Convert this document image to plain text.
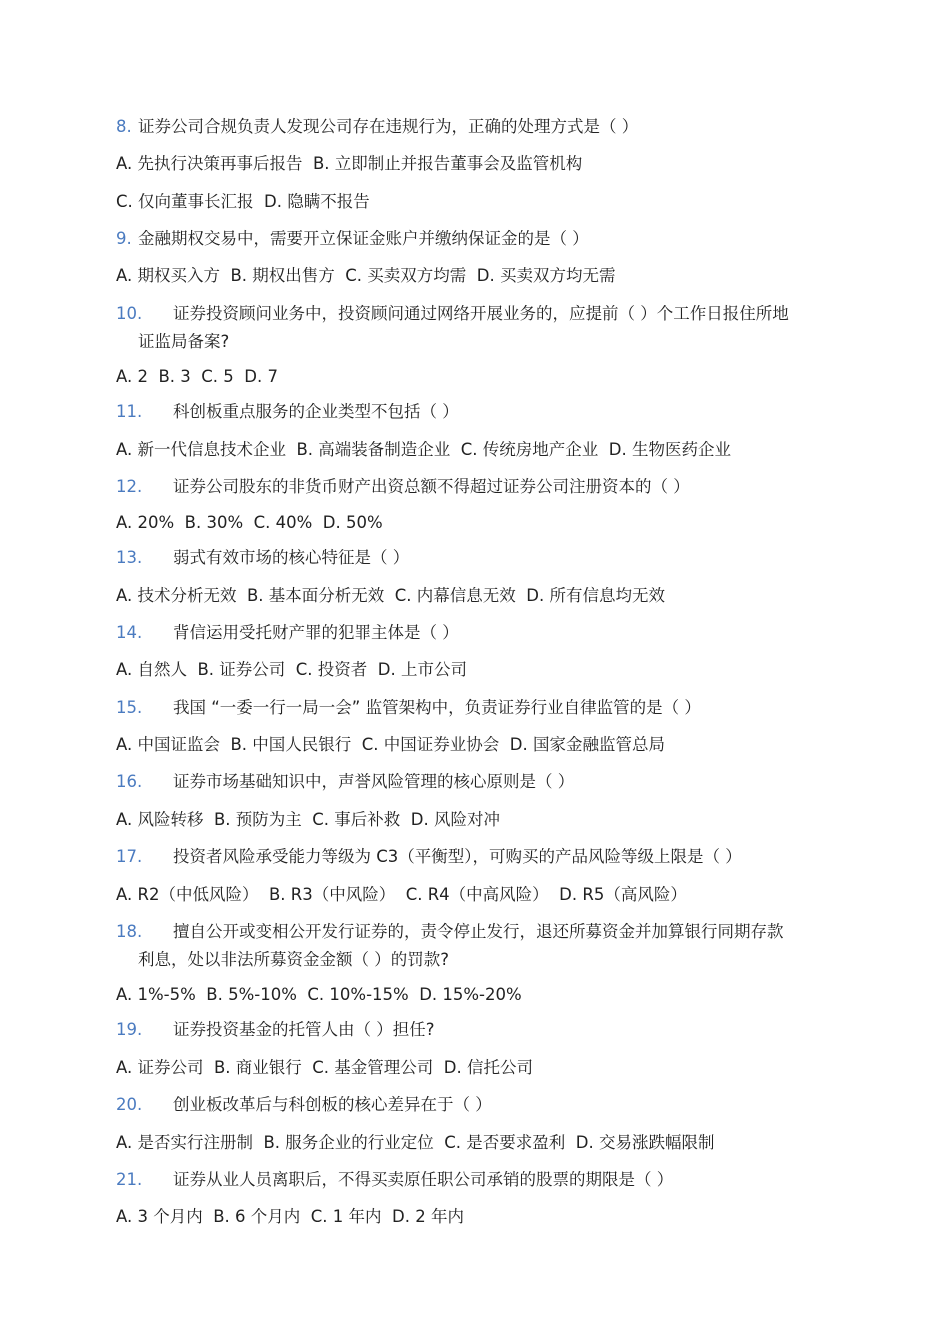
8. 证券公司合规负责人发现公司存在违规行为，正确的处理方式是（ ）
A. 先执行决策再事后报告  B. 立即制止并报告董事会及监管机构
C. 仅向董事长汇报  D. 隐瞒不报告
9. 金融期权交易中，需要开立保证金账户并缴纳保证金的是（ ）
A. 期权买入方  B. 期权出售方  C. 买卖双方均需  D. 买卖双方均无需
10. 证券投资顾问业务中，投资顾问通过网络开展业务的，应提前（ ）个工作日报住所地
证监局备案?
A. 2  B. 3  C. 5  D. 7
11. 科创板重点服务的企业类型不包括（ ）
A. 新一代信息技术企业  B. 高端装备制造企业  C. 传统房地产企业  D. 生物医药企业
12. 证券公司股东的非货币财产出资总额不得超过证券公司注册资本的（ ）
A. 20%  B. 30%  C. 40%  D. 50%
13. 弱式有效市场的核心特征是（ ）
A. 技术分析无效  B. 基本面分析无效  C. 内幕信息无效  D. 所有信息均无效
14. 背信运用受托财产罪的犯罪主体是（ ）
A. 自然人  B. 证券公司  C. 投资者  D. 上市公司
15. 我国 “一委一行一局一会” 监管架构中，负责证券行业自律监管的是（ ）
A. 中国证监会  B. 中国人民银行  C. 中国证券业协会  D. 国家金融监管总局
16. 证券市场基础知识中，声誉风险管理的核心原则是（ ）
A. 风险转移  B. 预防为主  C. 事后补救  D. 风险对冲
17. 投资者风险承受能力等级为 C3（平衡型），可购买的产品风险等级上限是（ ）
A. R2（中低风险）  B. R3（中风险）  C. R4（中高风险）  D. R5（高风险）
18. 擅自公开或变相公开发行证券的，责令停止发行，退还所募资金并加算银行同期存款
利息，处以非法所募资金金额（ ）的罚款?
A. 1%-5%  B. 5%-10%  C. 10%-15%  D. 15%-20%
19. 证券投资基金的托管人由（ ）担任?
A. 证券公司  B. 商业银行  C. 基金管理公司  D. 信托公司
20. 创业板改革后与科创板的核心差异在于（ ）
A. 是否实行注册制  B. 服务企业的行业定位  C. 是否要求盈利  D. 交易涨跌幅限制
21. 证券从业人员离职后，不得买卖原任职公司承销的股票的期限是（ ）
A. 3 个月内  B. 6 个月内  C. 1 年内  D. 2 年内
